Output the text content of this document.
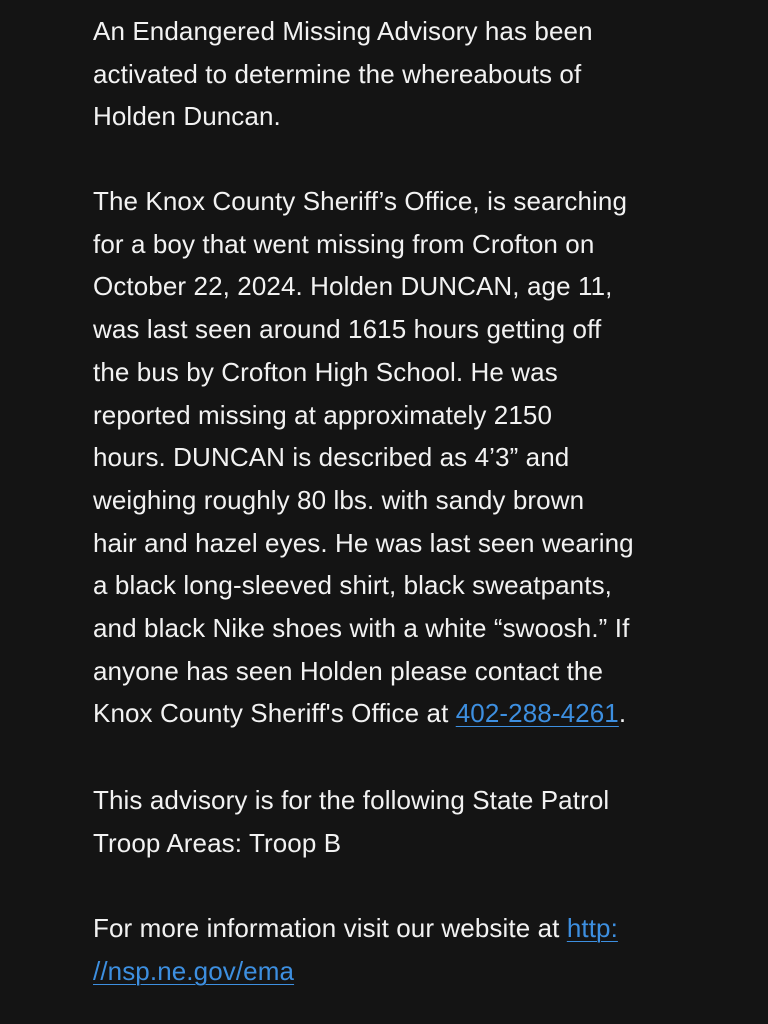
An Endangered Missing Advisory has been
activated to determine the whereabouts of
Holden Duncan.

The Knox County Sheriff’s Office, is searching
for a boy that went missing from Crofton on
October 22, 2024. Holden DUNCAN, age 11,
was last seen around 1615 hours getting off
the bus by Crofton High School. He was
reported missing at approximately 2150
hours. DUNCAN is described as 4’3” and
weighing roughly 80 lbs. with sandy brown
hair and hazel eyes. He was last seen wearing
a black long-sleeved shirt, black sweatpants,
and black Nike shoes with a white “swoosh.” If
anyone has seen Holden please contact the
Knox County Sheriff's Office at 402-288-4261.

This advisory is for the following State Patrol
Troop Areas: Troop B

For more information visit our website at http:
//nsp.ne.gov/ema
